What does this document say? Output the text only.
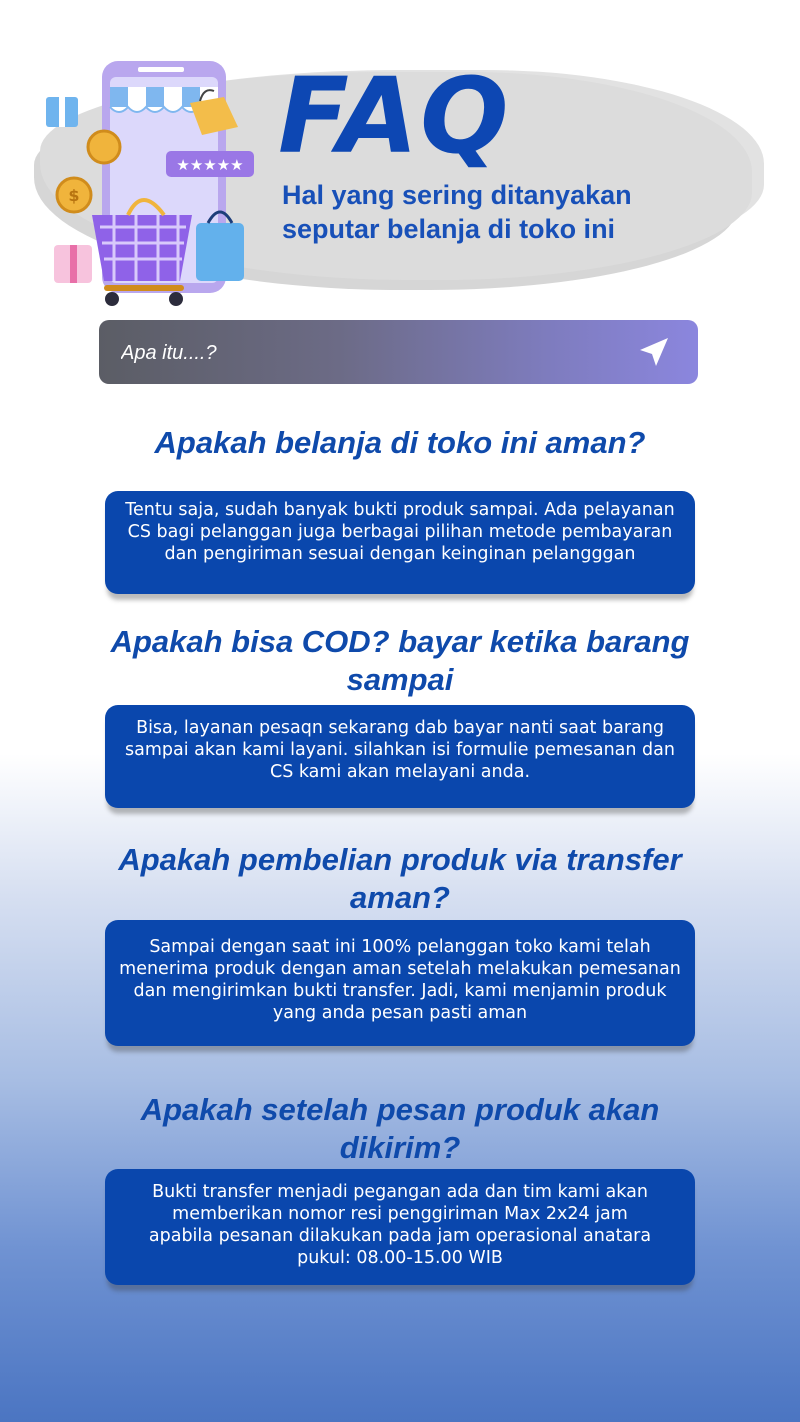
★★★★★
$
FAQ

Hal yang sering ditanyakan seputar belanja di toko ini

Apa itu....?
Apakah belanja di toko ini aman?

Tentu saja, sudah banyak bukti produk sampai. Ada pelayanan CS bagi pelanggan juga berbagai pilihan metode pembayaran dan pengiriman sesuai dengan keinginan pelangggan

Apakah bisa COD? bayar ketika barang sampai

Bisa, layanan pesaqn sekarang dab bayar nanti saat barang sampai akan kami layani. silahkan isi formulie pemesanan dan CS kami akan melayani anda.

Apakah pembelian produk via transfer aman?

Sampai dengan saat ini 100% pelanggan toko kami telah menerima produk dengan aman setelah melakukan pemesanan dan mengirimkan bukti transfer. Jadi, kami menjamin produk yang anda pesan pasti aman

Apakah setelah pesan produk akan dikirim?

Bukti transfer menjadi pegangan ada dan tim kami akan memberikan nomor resi penggiriman Max 2x24 jam apabila pesanan dilakukan pada jam operasional anatara pukul: 08.00-15.00 WIB
